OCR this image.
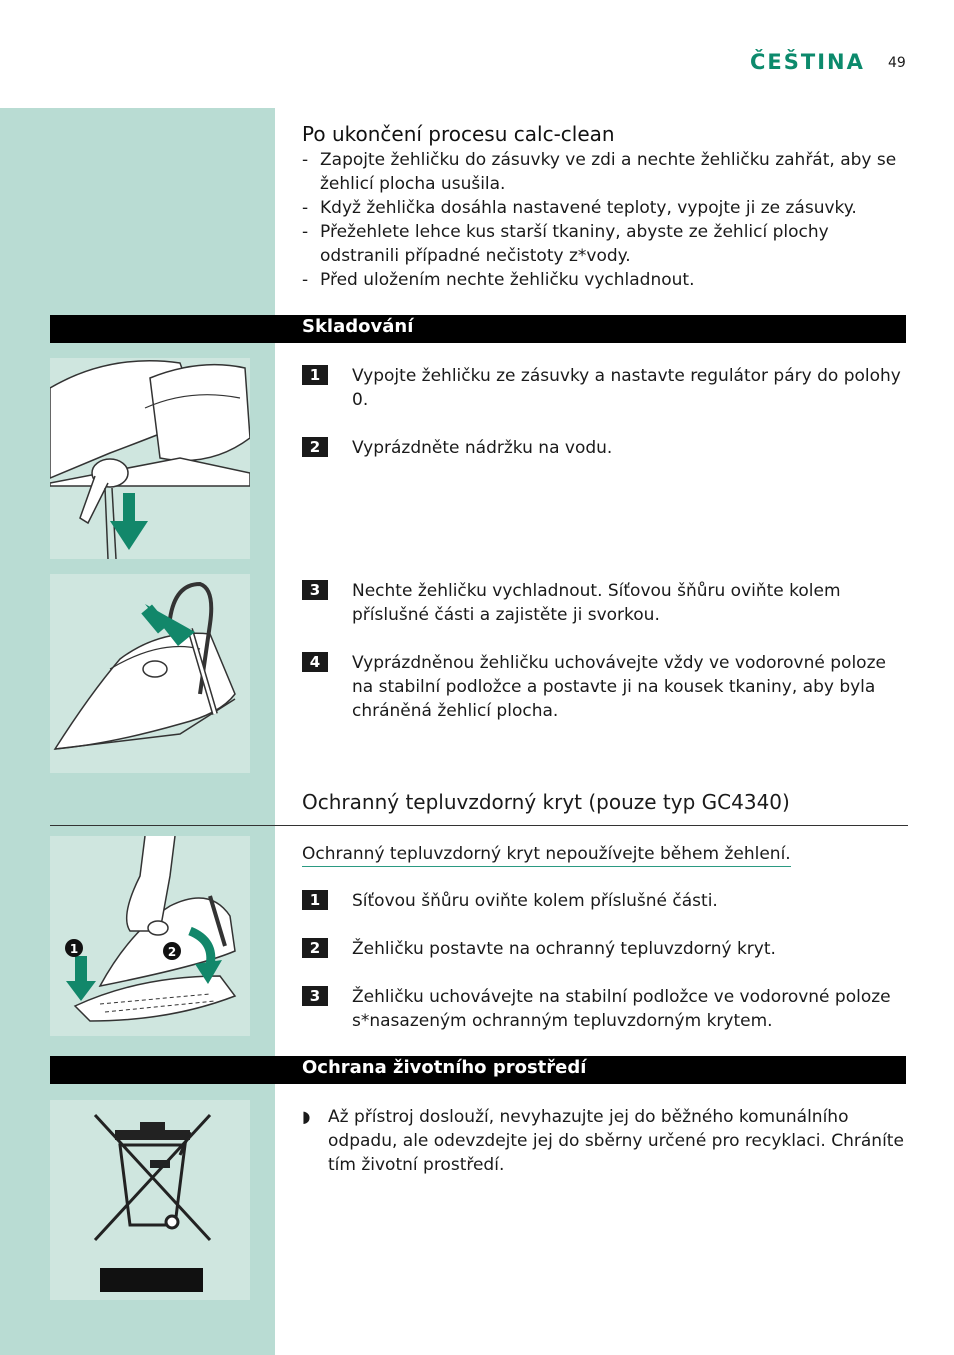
ČEŠTINA 49
Po ukončení procesu calc-clean
- Zapojte žehličku do zásuvky ve zdi a nechte žehličku zahřát, aby se žehlicí plocha usušila.
- Když žehlička dosáhla nastavené teploty, vypojte ji ze zásuvky.
- Přežehlete lehce kus starší tkaniny, abyste ze žehlicí plochy odstranili případné nečistoty z*vody.
- Před uložením nechte žehličku vychladnout.
Skladování
1	Vypojte žehličku ze zásuvky a nastavte regulátor páry do polohy 0.
2	Vyprázdněte nádržku na vodu.
3	Nechte žehličku vychladnout. Síťovou šňůru oviňte kolem příslušné části a zajistěte ji svorkou.
4	Vyprázdněnou žehličku uchovávejte vždy ve vodorovné poloze na stabilní podložce a postavte ji na kousek tkaniny, aby byla chráněná žehlicí plocha.
Ochranný tepluvzdorný kryt (pouze typ GC4340)
Ochranný tepluvzdorný kryt nepoužívejte během žehlení.
1	2
1	Síťovou šňůru oviňte kolem příslušné části.
2	Žehličku postavte na ochranný tepluvzdorný kryt.
3	Žehličku uchovávejte na stabilní podložce ve vodorovné poloze s*nasazeným ochranným tepluvzdorným krytem.
Ochrana životního prostředí
◗	Až přístroj doslouží, nevyhazujte jej do běžného komunálního odpadu, ale odevzdejte jej do sběrny určené pro recyklaci. Chráníte tím životní prostředí.
